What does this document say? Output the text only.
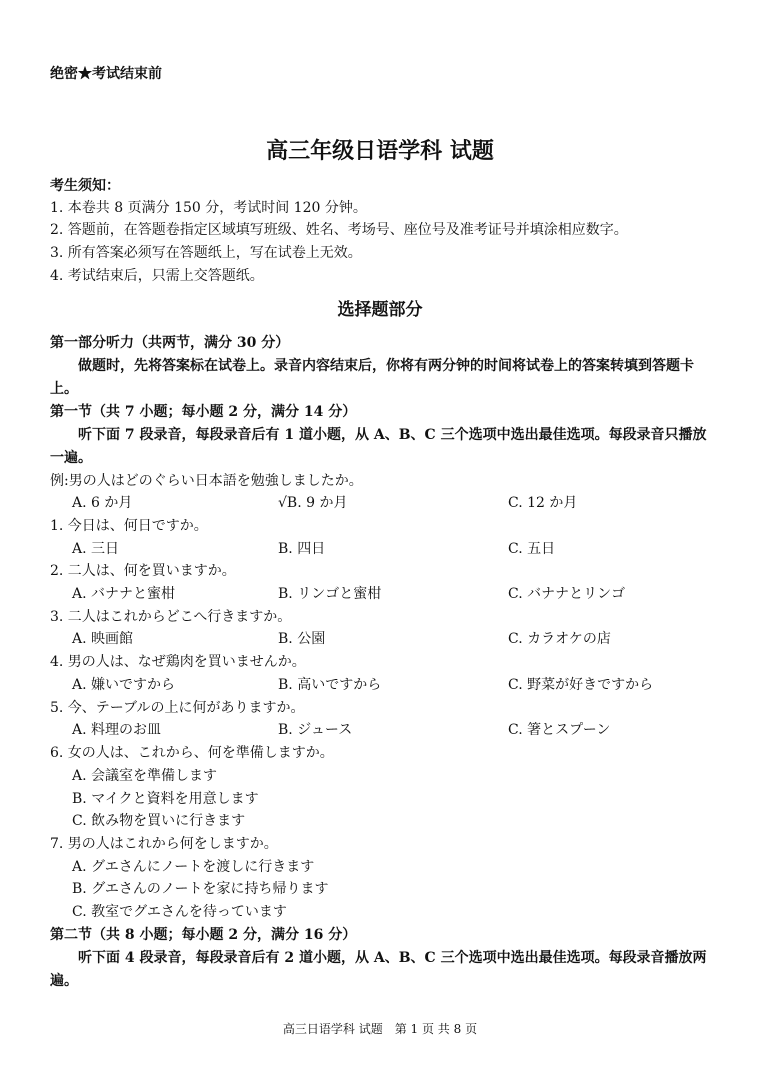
绝密★考试结束前
高三年级日语学科 试题
考生须知：
1. 本卷共 8 页满分 150 分，考试时间 120 分钟。
2. 答题前，在答题卷指定区域填写班级、姓名、考场号、座位号及准考证号并填涂相应数字。
3. 所有答案必须写在答题纸上，写在试卷上无效。
4. 考试结束后，只需上交答题纸。
选择题部分
第一部分听力（共两节，满分 30 分）
做题时，先将答案标在试卷上。录音内容结束后，你将有两分钟的时间将试卷上的答案转填到答题卡上。
第一节（共 7 小题；每小题 2 分，满分 14 分）
听下面 7 段录音，每段录音后有 1 道小题，从 A、B、C 三个选项中选出最佳选项。每段录音只播放一遍。
例:男の人はどのぐらい日本語を勉強しましたか。
A. 6 か月	√B. 9 か月	C. 12 か月
1. 今日は、何日ですか。
A. 三日	B. 四日	C. 五日
2. 二人は、何を買いますか。
A. バナナと蜜柑	B. リンゴと蜜柑	C. バナナとリンゴ
3. 二人はこれからどこへ行きますか。
A. 映画館	B. 公園	C. カラオケの店
4. 男の人は、なぜ鶏肉を買いませんか。
A. 嫌いですから	B. 高いですから	C. 野菜が好きですから
5. 今、テーブルの上に何がありますか。
A. 料理のお皿	B. ジュース	C. 箸とスプーン
6. 女の人は、これから、何を準備しますか。
A. 会議室を準備します
B. マイクと資料を用意します
C. 飲み物を買いに行きます
7. 男の人はこれから何をしますか。
A. グエさんにノートを渡しに行きます
B. グエさんのノートを家に持ち帰ります
C. 教室でグエさんを待っています
第二节（共 8 小题；每小题 2 分，满分 16 分）
听下面 4 段录音，每段录音后有 2 道小题，从 A、B、C 三个选项中选出最佳选项。每段录音播放两遍。
高三日语学科 试题　第 1 页 共 8 页
